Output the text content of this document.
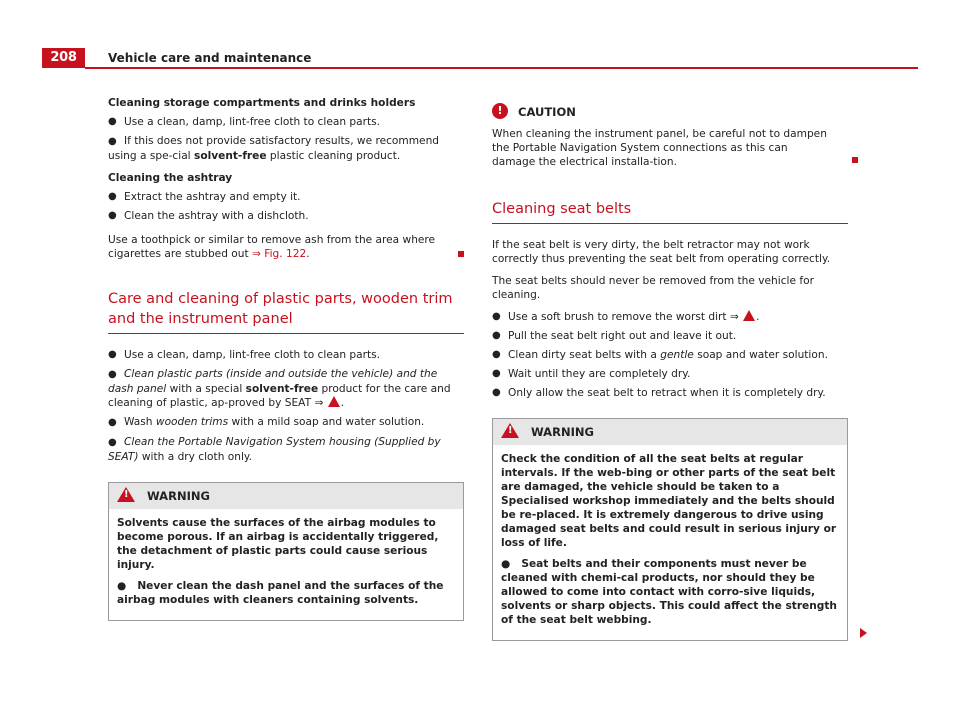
208	Vehicle care and maintenance

Cleaning storage compartments and drinks holders

● Use a clean, damp, lint-free cloth to clean parts.
● If this does not provide satisfactory results, we recommend using a spe-cial solvent-free plastic cleaning product.

Cleaning the ashtray

● Extract the ashtray and empty it.
● Clean the ashtray with a dishcloth.

Use a toothpick or similar to remove ash from the area where cigarettes are stubbed out ⇒ Fig. 122.

Care and cleaning of plastic parts, wooden trim and the instrument panel
● Use a clean, damp, lint-free cloth to clean parts.
● Clean plastic parts (inside and outside the vehicle) and the dash panel with a special solvent-free product for the care and cleaning of plastic, ap-proved by SEAT ⇒ .
● Wash wooden trims with a mild soap and water solution.
● Clean the Portable Navigation System housing (Supplied by SEAT) with a dry cloth only.
! WARNING

Solvents cause the surfaces of the airbag modules to become porous. If an airbag is accidentally triggered, the detachment of plastic parts could cause serious injury.

●   Never clean the dash panel and the surfaces of the airbag modules with cleaners containing solvents.

! CAUTION

When cleaning the instrument panel, be careful not to dampen the Portable Navigation System connections as this can damage the electrical installa-tion.

Cleaning seat belts

If the seat belt is very dirty, the belt retractor may not work correctly thus preventing the seat belt from operating correctly.

The seat belts should never be removed from the vehicle for cleaning.

● Use a soft brush to remove the worst dirt ⇒ .
● Pull the seat belt right out and leave it out.
● Clean dirty seat belts with a gentle soap and water solution.
● Wait until they are completely dry.
● Only allow the seat belt to retract when it is completely dry.
! WARNING

Check the condition of all the seat belts at regular intervals. If the web-bing or other parts of the seat belt are damaged, the vehicle should be taken to a Specialised workshop immediately and the belts should be re-placed. It is extremely dangerous to drive using damaged seat belts and could result in serious injury or loss of life.

●   Seat belts and their components must never be cleaned with chemi-cal products, nor should they be allowed to come into contact with corro-sive liquids, solvents or sharp objects. This could affect the strength of the seat belt webbing.
